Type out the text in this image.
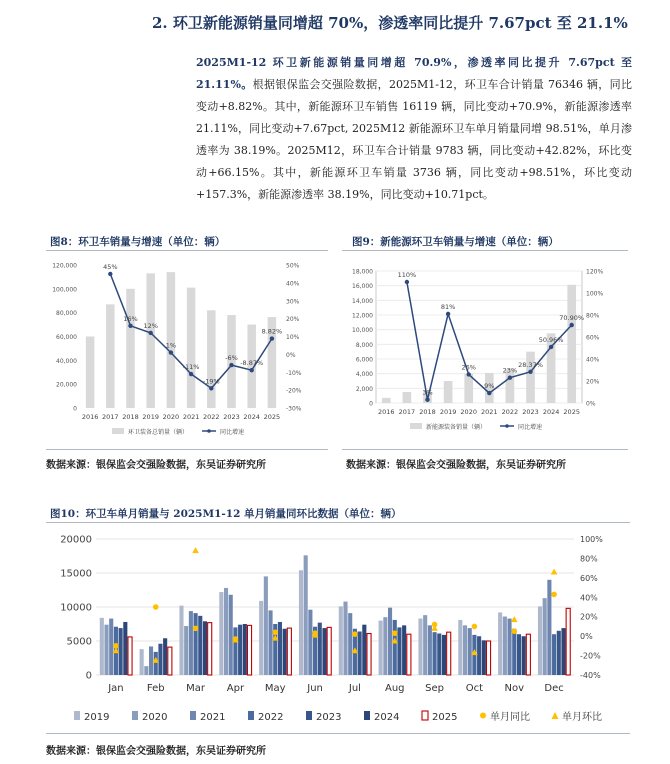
2. 环卫新能源销量同增超 70%，渗透率同比提升 7.67pct 至 21.1%
2025M1-12 环卫新能源销量同增超 70.9%，渗透率同比提升 7.67pct 至 21.11%。根据银保监会交强险数据，2025M1-12，环卫车合计销量 76346 辆，同比变动+8.82%。其中，新能源环卫车销售 16119 辆，同比变动+70.9%，新能源渗透率 21.11%，同比变动+7.67pct, 2025M12 新能源环卫车单月销量同增 98.51%，单月渗透率为 38.19%。2025M12，环卫车合计销量 9783 辆，同比变动+42.82%，环比变动+66.15%。其中，新能源环卫车销量 3736 辆，同比变动+98.51%，环比变动+157.3%，新能源渗透率 38.19%，同比变动+10.71pct。
图8：环卫车销量与增速（单位：辆）
0
20,000
40,000
60,000
80,000
100,000
120,000
-30%
-20%
-10%
0%
10%
20%
30%
40%
50%
2016 2017 2018 2019 2020 2021 2022 2023 2024 2025
45%
16%
12%
1%
-11%
-19%
-6%
-8.87%
8.82%
环卫装备总销量（辆）	同比增速
数据来源：银保监会交强险数据，东吴证券研究所
图9：新能源环卫车销量与增速（单位：辆）
0
2,000
4,000
6,000
8,000
10,000
12,000
14,000
16,000
18,000
0%
20%
40%
60%
80%
100%
120%
2016 2017 2018 2019 2020 2021 2022 2023 2024 2025
110%
3%
81%
26%
9%
23%
28.37%
50.96%
70.90%
新能源装备销量（辆）	同比增速
数据来源：银保监会交强险数据，东吴证券研究所
图10：环卫车单月销量与 2025M1-12 单月销量同环比数据（单位：辆）
0
5000
10000
15000
20000
-40%
-20%
0%
20%
40%
60%
80%
100%
Jan Feb Mar Apr May Jun	Jul Aug Sep Oct Nov Dec
2019	2020	2021	2022	2023	2024	2025	单月同比	单月环比
数据来源：银保监会交强险数据，东吴证券研究所
